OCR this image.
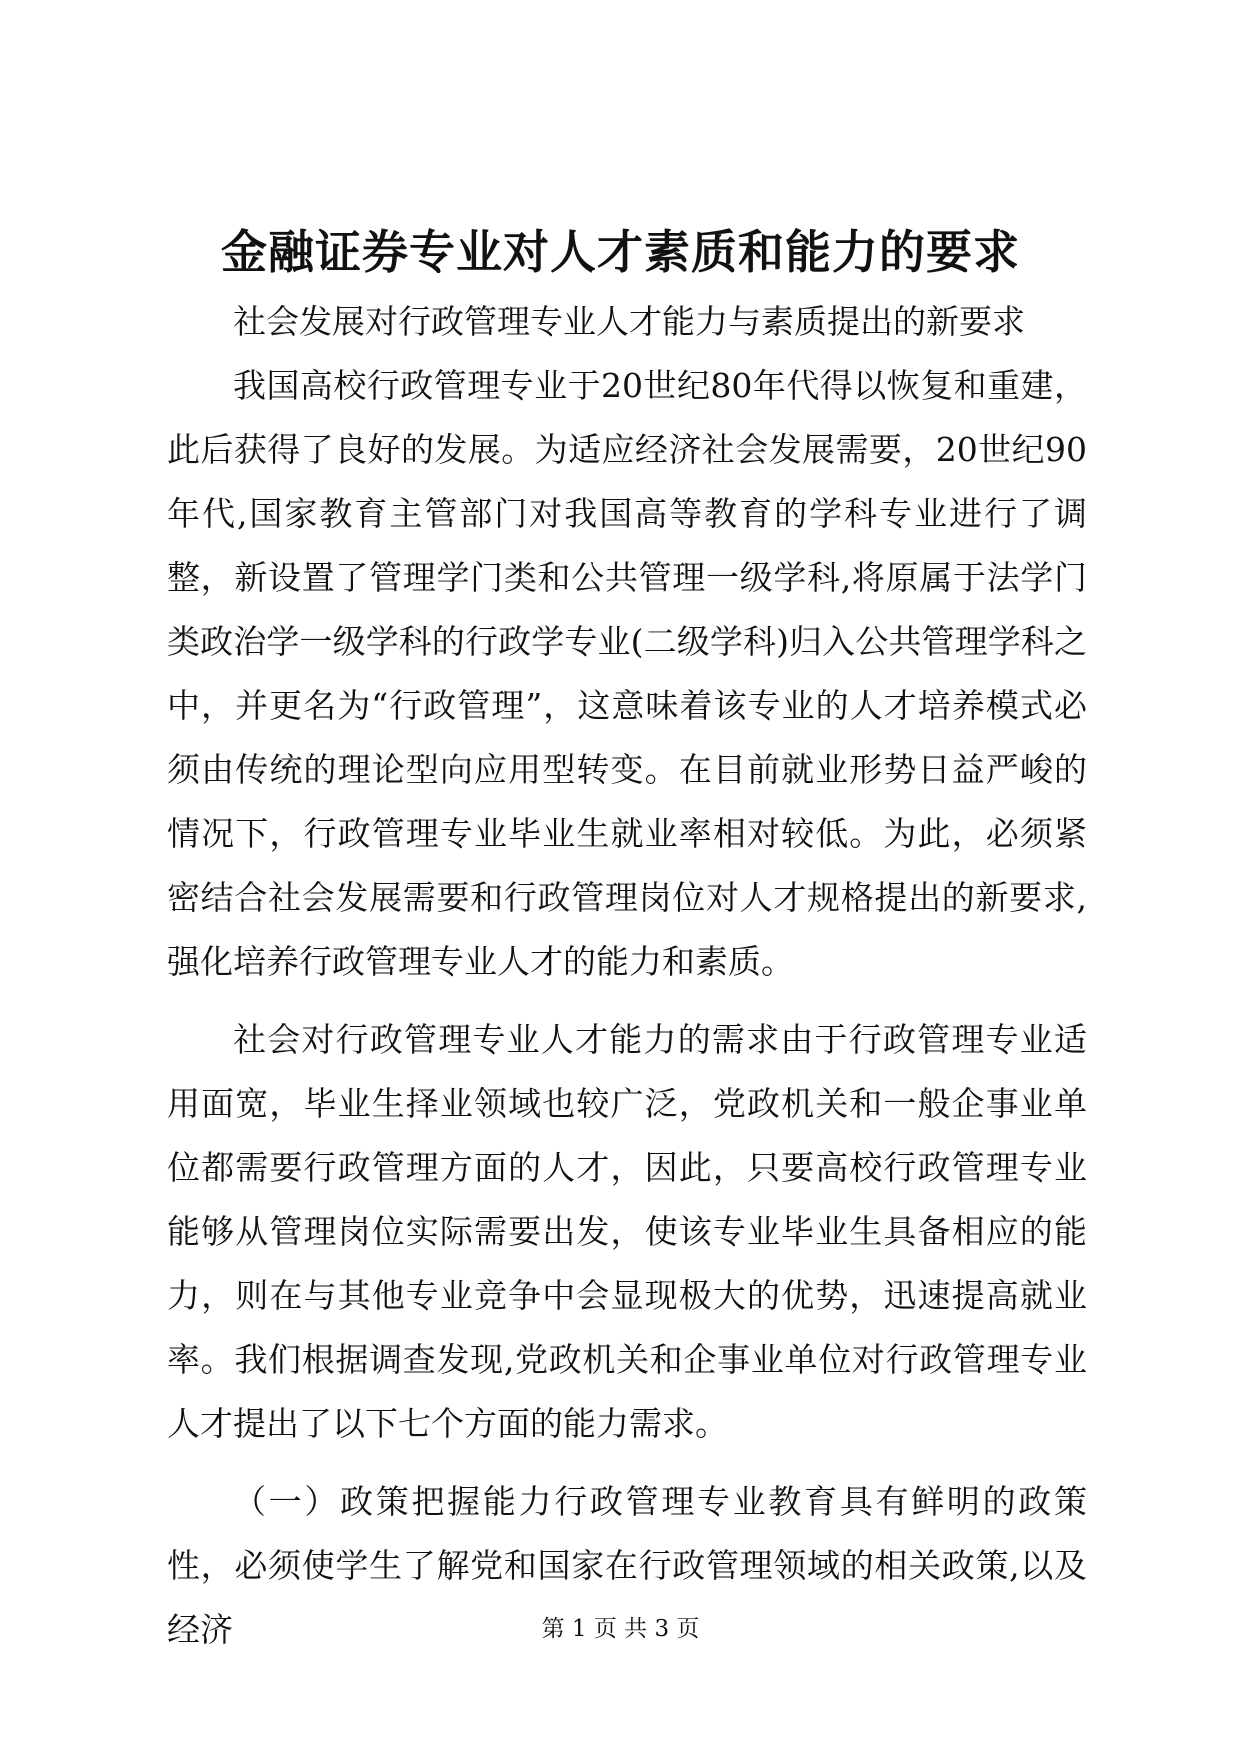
金融证券专业对人才素质和能力的要求

社会发展对行政管理专业人才能力与素质提出的新要求

我国高校行政管理专业于20世纪80年代得以恢复和重建，此后获得了良好的发展。为适应经济社会发展需要，20世纪90年代,国家教育主管部门对我国高等教育的学科专业进行了调整，新设置了管理学门类和公共管理一级学科,将原属于法学门类政治学一级学科的行政学专业(二级学科)归入公共管理学科之中，并更名为“行政管理”，这意味着该专业的人才培养模式必须由传统的理论型向应用型转变。在目前就业形势日益严峻的情况下，行政管理专业毕业生就业率相对较低。为此，必须紧密结合社会发展需要和行政管理岗位对人才规格提出的新要求,强化培养行政管理专业人才的能力和素质。

社会对行政管理专业人才能力的需求由于行政管理专业适用面宽，毕业生择业领域也较广泛，党政机关和一般企事业单位都需要行政管理方面的人才，因此，只要高校行政管理专业能够从管理岗位实际需要出发，使该专业毕业生具备相应的能力，则在与其他专业竞争中会显现极大的优势，迅速提高就业率。我们根据调查发现,党政机关和企事业单位对行政管理专业人才提出了以下七个方面的能力需求。

（一）政策把握能力行政管理专业教育具有鲜明的政策性，必须使学生了解党和国家在行政管理领域的相关政策,以及经济	第 1 页 共 3 页
